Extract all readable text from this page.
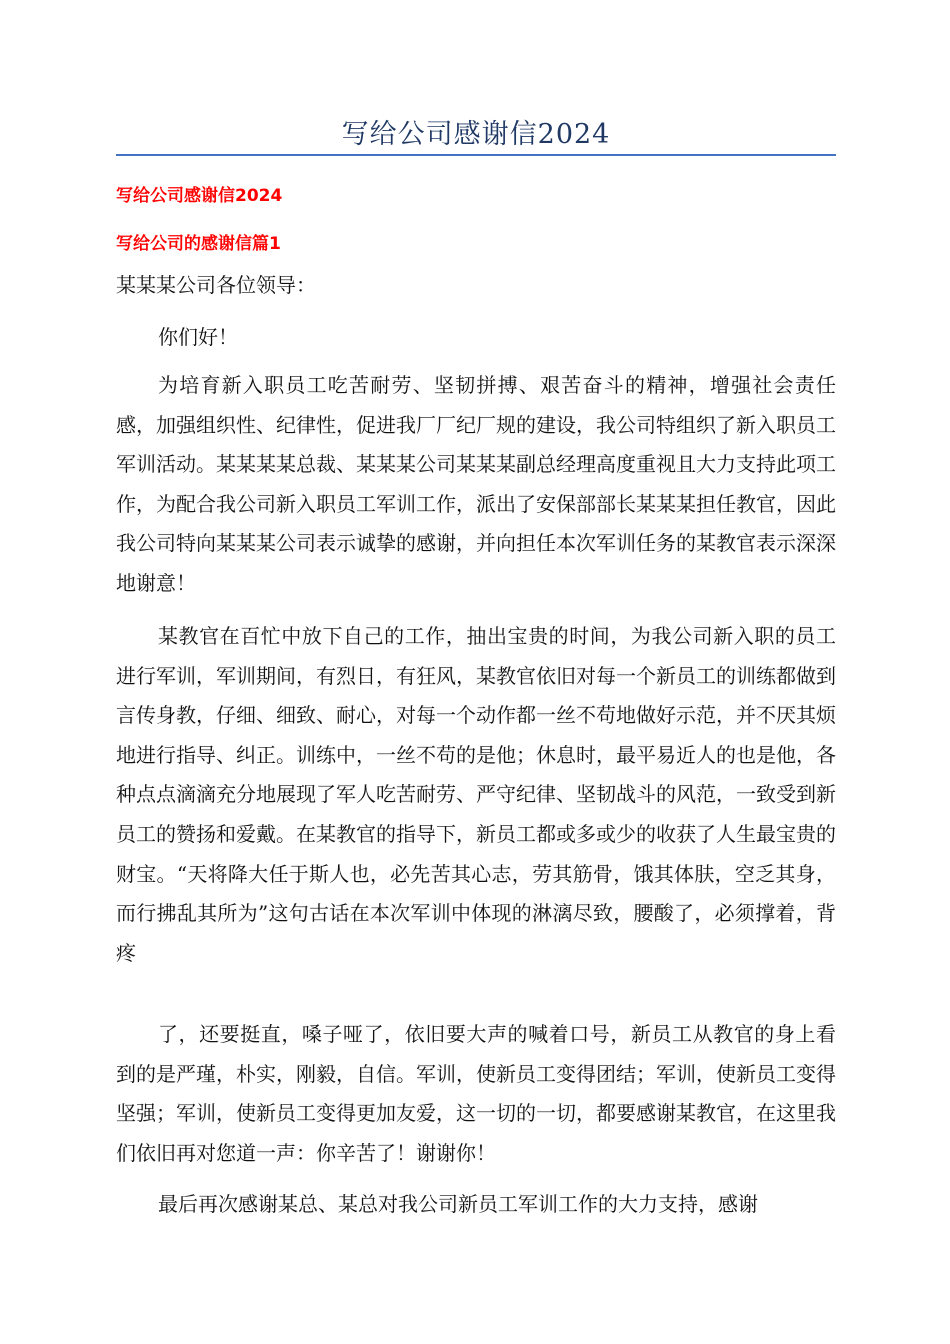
写给公司感谢信2024
写给公司感谢信2024
写给公司的感谢信篇1
某某某公司各位领导：
你们好！
为培育新入职员工吃苦耐劳、坚韧拼搏、艰苦奋斗的精神，增强社会责任感，加强组织性、纪律性，促进我厂厂纪厂规的建设，我公司特组织了新入职员工军训活动。某某某某总裁、某某某公司某某某副总经理高度重视且大力支持此项工作，为配合我公司新入职员工军训工作，派出了安保部部长某某某担任教官，因此我公司特向某某某公司表示诚挚的感谢，并向担任本次军训任务的某教官表示深深地谢意！
某教官在百忙中放下自己的工作，抽出宝贵的时间，为我公司新入职的员工进行军训，军训期间，有烈日，有狂风，某教官依旧对每一个新员工的训练都做到言传身教，仔细、细致、耐心，对每一个动作都一丝不苟地做好示范，并不厌其烦地进行指导、纠正。训练中，一丝不苟的是他；休息时，最平易近人的也是他，各种点点滴滴充分地展现了军人吃苦耐劳、严守纪律、坚韧战斗的风范，一致受到新员工的赞扬和爱戴。在某教官的指导下，新员工都或多或少的收获了人生最宝贵的财宝。“天将降大任于斯人也，必先苦其心志，劳其筋骨，饿其体肤，空乏其身，而行拂乱其所为”这句古话在本次军训中体现的淋漓尽致，腰酸了，必须撑着，背疼
了，还要挺直，嗓子哑了，依旧要大声的喊着口号，新员工从教官的身上看到的是严瑾，朴实，刚毅，自信。军训，使新员工变得团结；军训，使新员工变得坚强；军训，使新员工变得更加友爱，这一切的一切，都要感谢某教官，在这里我们依旧再对您道一声：你辛苦了！谢谢你！
最后再次感谢某总、某总对我公司新员工军训工作的大力支持，感谢
